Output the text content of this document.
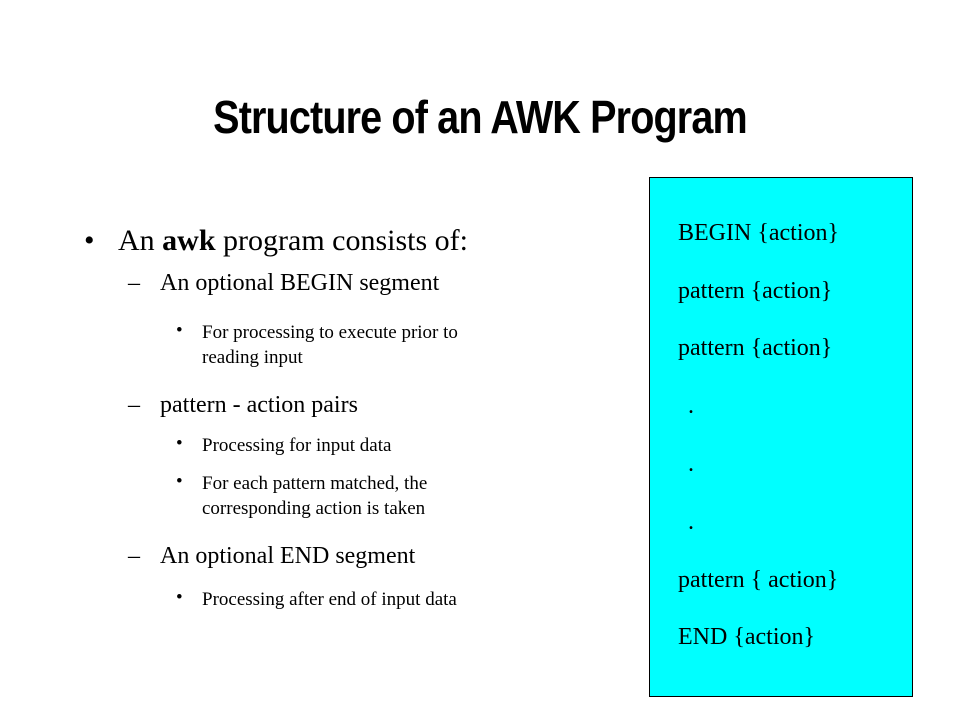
Structure of an AWK Program
• An awk program consists of:
– An optional BEGIN segment
• For processing to execute prior to
reading input
– pattern - action pairs
• Processing for input data
• For each pattern matched, the
corresponding action is taken
– An optional END segment
• Processing after end of input data
BEGIN {action}
pattern {action}
pattern {action}
.
.
.
pattern { action}
END {action}
